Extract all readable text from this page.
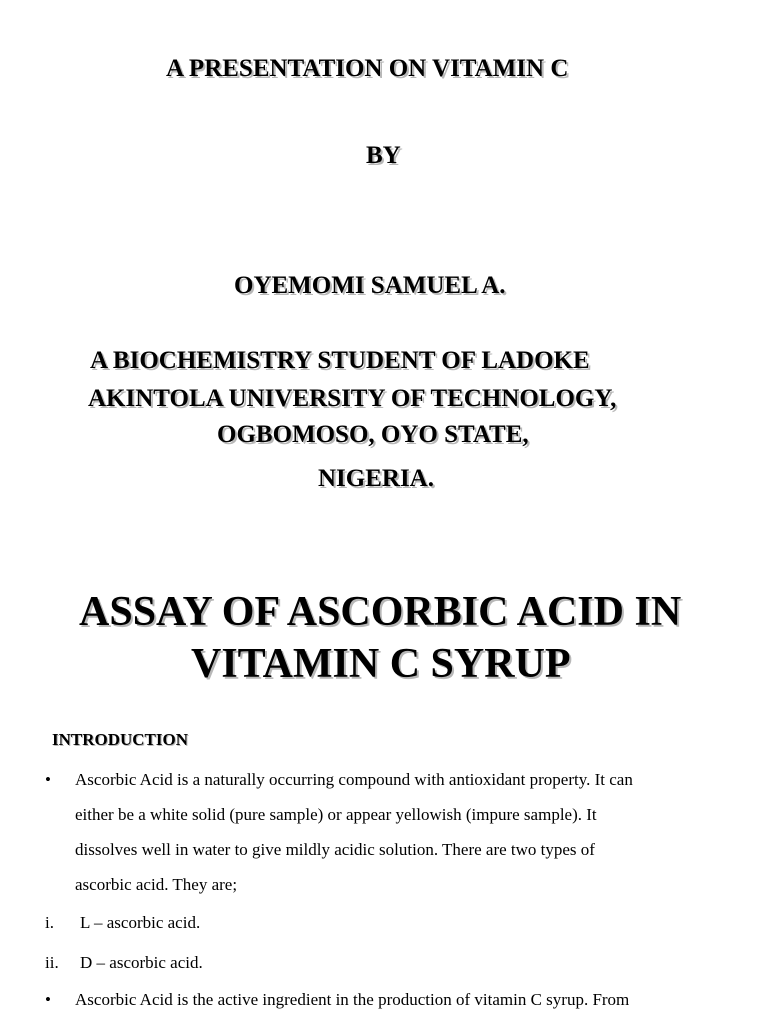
A PRESENTATION ON VITAMIN C
BY
OYEMOMI SAMUEL A.
A BIOCHEMISTRY STUDENT OF LADOKE
AKINTOLA UNIVERSITY OF TECHNOLOGY,
OGBOMOSO, OYO STATE,
NIGERIA.
ASSAY OF ASCORBIC ACID IN
VITAMIN C SYRUP
INTRODUCTION
• Ascorbic Acid is a naturally occurring compound with antioxidant property. It can
either be a white solid (pure sample) or appear yellowish (impure sample). It
dissolves well in water to give mildly acidic solution. There are two types of
ascorbic acid. They are;
i. L – ascorbic acid.
ii. D – ascorbic acid.
• Ascorbic Acid is the active ingredient in the production of vitamin C syrup. From
